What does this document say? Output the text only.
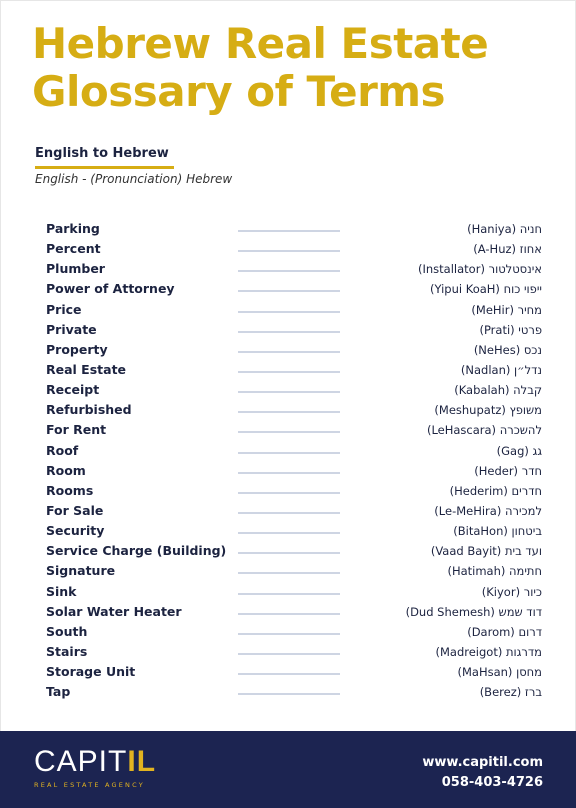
Hebrew Real Estate
Glossary of Terms
English to Hebrew
English - (Pronunciation) Hebrew
Parking	(Haniya) חניה
Percent	(A-Huz) אחוז
Plumber	(Installator) אינסטלטור
Power of Attorney	(Yipui KoaH) ייפוי כוח
Price	(MeHir) מחיר
Private	(Prati) פרטי
Property	(NeHes) נכס
Real Estate	(Nadlan) נדל״ן
Receipt	(Kabalah) קבלה
Refurbished	(Meshupatz) משופץ
For Rent	(LeHascara) להשכרה
Roof	(Gag) גג
Room	(Heder) חדר
Rooms	(Hederim) חדרים
For Sale	(Le-MeHira) למכירה
Security	(BitaHon) ביטחון
Service Charge (Building)	(Vaad Bayit) ועד בית
Signature	(Hatimah) חתימה
Sink	(Kiyor) כיור
Solar Water Heater	(Dud Shemesh) דוד שמש
South	(Darom) דרום
Stairs	(Madreigot) מדרגות
Storage Unit	(MaHsan) מחסן
Tap	(Berez) ברז
CAPIT IL
REAL ESTATE AGENCY
www.capitil.com
058-403-4726
